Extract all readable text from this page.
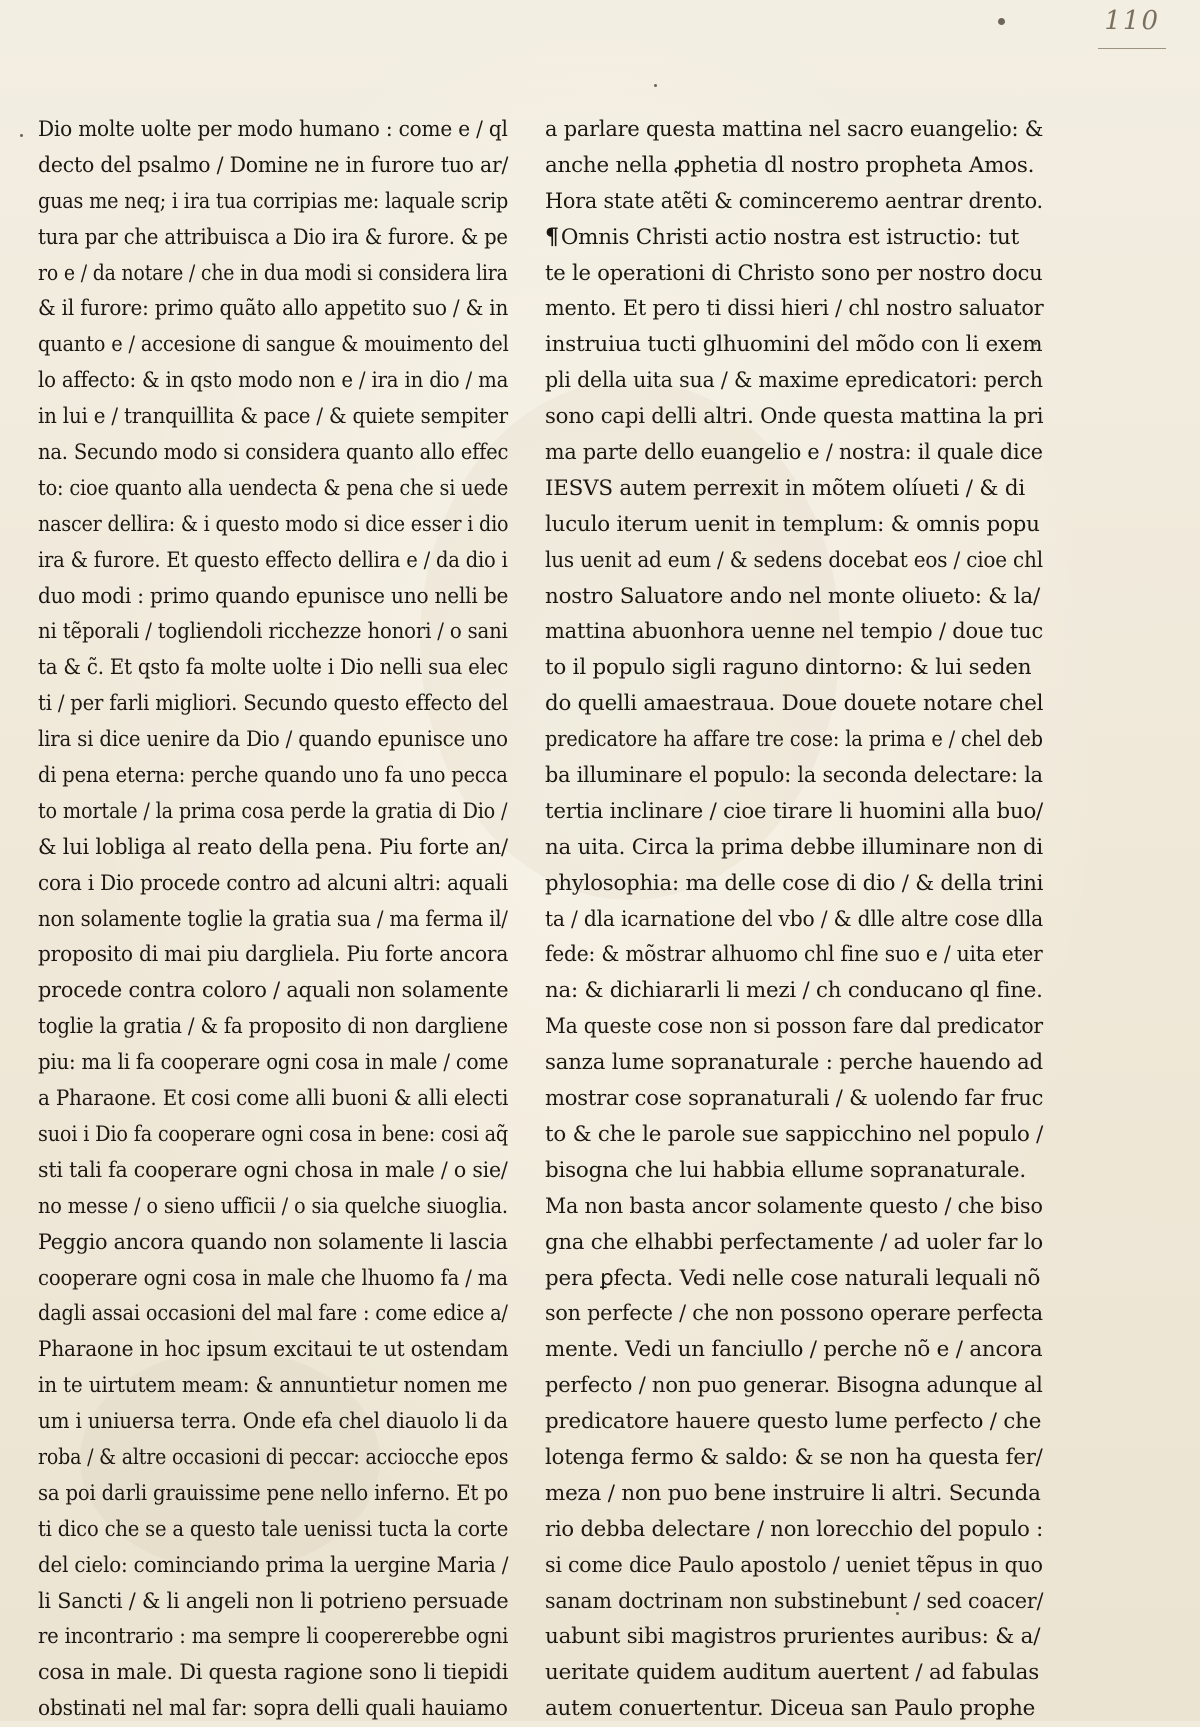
110
Dio molte uolte per modo humano : come e / ql
decto del psalmo / Domine ne in furore tuo ar/
guas me neq; i ira tua corripias me: laquale scrip
tura par che attribuisca a Dio ira & furore. & pe
ro e / da notare / che in dua modi si considera lira
& il furore: primo quãto allo appetito suo / & in
quanto e / accesione di sangue & mouimento del
lo affecto: & in qsto modo non e / ira in dio / ma
in lui e / tranquillita & pace / & quiete sempiter
na. Secundo modo si considera quanto allo effec
to: cioe quanto alla uendecta & pena che si uede
nascer dellira: & i questo modo si dice esser i dio
ira & furore. Et questo effecto dellira e / da dio i
duo modi : primo quando epunisce uno nelli be
ni tẽporali / togliendoli ricchezze honori / o sani
ta & c̃. Et qsto fa molte uolte i Dio nelli sua elec
ti / per farli migliori. Secundo questo effecto del
lira si dice uenire da Dio / quando epunisce uno
di pena eterna: perche quando uno fa uno pecca
to mortale / la prima cosa perde la gratia di Dio /
& lui lobliga al reato della pena. Piu forte an/
cora i Dio procede contro ad alcuni altri: aquali
non solamente toglie la gratia sua / ma ferma il/
proposito di mai piu dargliela. Piu forte ancora
procede contra coloro / aquali non solamente
toglie la gratia / & fa proposito di non dargliene
piu: ma li fa cooperare ogni cosa in male / come
a Pharaone. Et cosi come alli buoni & alli electi
suoi i Dio fa cooperare ogni cosa in bene: cosi aq̃
sti tali fa cooperare ogni chosa in male / o sie/
no messe / o sieno ufficii / o sia quelche siuoglia.
Peggio ancora quando non solamente li lascia
cooperare ogni cosa in male che lhuomo fa / ma
dagli assai occasioni del mal fare : come edice a/
Pharaone in hoc ipsum excitaui te ut ostendam
in te uirtutem meam: & annuntietur nomen me
um i uniuersa terra. Onde efa chel diauolo li da
roba / & altre occasioni di peccar: acciocche epos
sa poi darli grauissime pene nello inferno. Et po
ti dico che se a questo tale uenissi tucta la corte
del cielo: cominciando prima la uergine Maria /
li Sancti / & li angeli non li potrieno persuade
re incontrario : ma sempre li coopererebbe ogni
cosa in male. Di questa ragione sono li tiepidi
obstinati nel mal far: sopra delli quali hauiamo
a parlare questa mattina nel sacro euangelio: &
anche nella ꝓphetia dl nostro propheta Amos.
Hora state atẽti & cominceremo aentrar drento.
¶Omnis Christi actio nostra est istructio: tut
te le operationi di Christo sono per nostro docu
mento. Et pero ti dissi hieri / chl nostro saluator
instruiua tucti glhuomini del mõdo con li exem
pli della uita sua / & maxime epredicatori: perch
sono capi delli altri. Onde questa mattina la pri
ma parte dello euangelio e / nostra: il quale dice
IESVS autem perrexit in mõtem olíueti / & di
luculo iterum uenit in templum: & omnis popu
lus uenit ad eum / & sedens docebat eos / cioe chl
nostro Saluatore ando nel monte oliueto: & la/
mattina abuonhora uenne nel tempio / doue tuc
to il populo sigli raguno dintorno: & lui seden
do quelli amaestraua. Doue douete notare chel
predicatore ha affare tre cose: la prima e / chel deb
ba illuminare el populo: la seconda delectare: la
tertia inclinare / cioe tirare li huomini alla buo/
na uita. Circa la prima debbe illuminare non di
phylosophia: ma delle cose di dio / & della trini
ta / dla icarnatione del vbo / & dlle altre cose dlla
fede: & mõstrar alhuomo chl fine suo e / uita eter
na: & dichiararli li mezi / ch conducano ql fine.
Ma queste cose non si posson fare dal predicator
sanza lume sopranaturale : perche hauendo ad
mostrar cose sopranaturali / & uolendo far fruc
to & che le parole sue sappicchino nel populo /
bisogna che lui habbia ellume sopranaturale.
Ma non basta ancor solamente questo / che biso
gna che elhabbi perfectamente / ad uoler far lo
pera ꝑfecta. Vedi nelle cose naturali lequali nõ
son perfecte / che non possono operare perfecta
mente. Vedi un fanciullo / perche nõ e / ancora
perfecto / non puo generar. Bisogna adunque al
predicatore hauere questo lume perfecto / che
lotenga fermo & saldo: & se non ha questa fer/
meza / non puo bene instruire li altri. Secunda
rio debba delectare / non lorecchio del populo :
si come dice Paulo apostolo / ueniet tẽpus in quo
sanam doctrinam non substinebunt / sed coacer/
uabunt sibi magistros prurientes auribus: & a/
ueritate quidem auditum auertent / ad fabulas
autem conuertentur. Diceua san Paulo prophe
